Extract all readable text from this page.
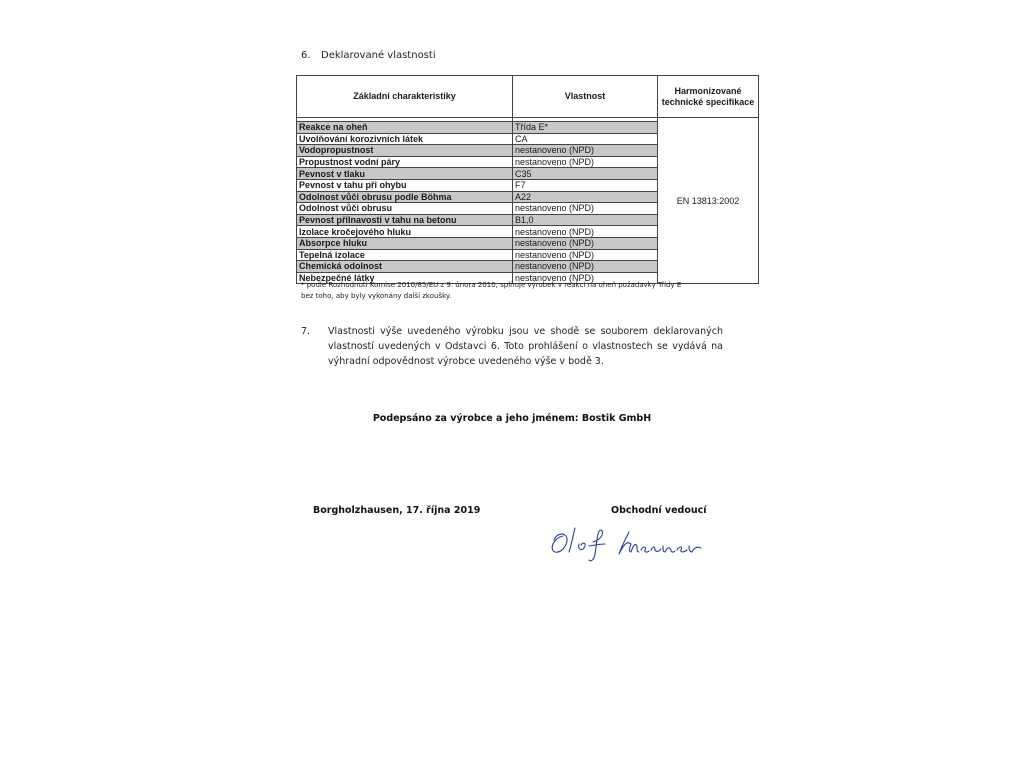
6. Deklarované vlastnosti
Základní charakteristiky	Vlastnost	Harmonizované technické specifikace
		EN 13813:2002
Reakce na oheň	Třída E*	
Uvolňování korozivních látek	CA	
Vodopropustnost	nestanoveno (NPD)	
Propustnost vodní páry	nestanoveno (NPD)	
Pevnost v tlaku	C35	
Pevnost v tahu při ohybu	F7	
Odolnost vůči obrusu podle Böhma	A22	
Odolnost vůči obrusu	nestanoveno (NPD)	
Pevnost přilnavosti v tahu na betonu	B1,0	
Izolace kročejového hluku	nestanoveno (NPD)	
Absorpce hluku	nestanoveno (NPD)	
Tepelná izolace	nestanoveno (NPD)	
Chemická odolnost	nestanoveno (NPD)	
Nebezpečné látky	nestanoveno (NPD)	
* podle Rozhodnutí Komise 2010/85/EU z 9. února 2010, splňuje výrobek v reakci na oheň požadavky Třídy E
bez toho, aby byly vykonány další zkoušky.
7. Vlastnosti výše uvedeného výrobku jsou ve shodě se souborem deklarovaných vlastností uvedených v Odstavci 6. Toto prohlášení o vlastnostech se vydává na výhradní odpovědnost výrobce uvedeného výše v bodě 3.
Podepsáno za výrobce a jeho jménem: Bostik GmbH
Borgholzhausen, 17. října 2019	Obchodní vedoucí
